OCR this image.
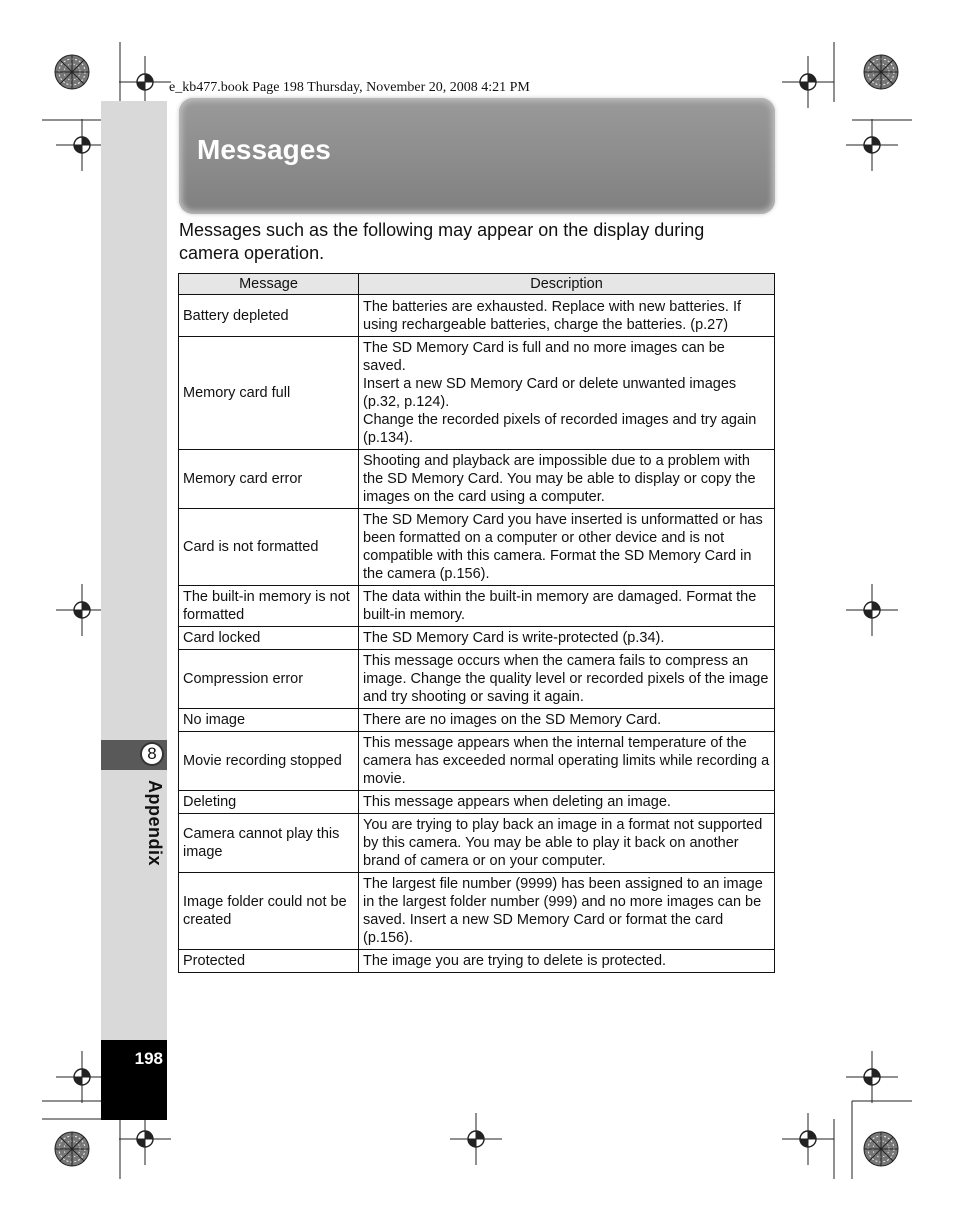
e_kb477.book Page 198 Thursday, November 20, 2008 4:21 PM
8
Appendix
198
Messages
Messages such as the following may appear on the display during camera operation.
Message	Description
Battery depleted	The batteries are exhausted. Replace with new batteries. If using rechargeable batteries, charge the batteries. (p.27)
Memory card full	The SD Memory Card is full and no more images can be saved.
Insert a new SD Memory Card or delete unwanted images (p.32, p.124).
Change the recorded pixels of recorded images and try again (p.134).
Memory card error	Shooting and playback are impossible due to a problem with the SD Memory Card. You may be able to display or copy the images on the card using a computer.
Card is not formatted	The SD Memory Card you have inserted is unformatted or has been formatted on a computer or other device and is not compatible with this camera. Format the SD Memory Card in the camera (p.156).
The built-in memory is not formatted	The data within the built-in memory are damaged. Format the built-in memory.
Card locked	The SD Memory Card is write-protected (p.34).
Compression error	This message occurs when the camera fails to compress an image. Change the quality level or recorded pixels of the image and try shooting or saving it again.
No image	There are no images on the SD Memory Card.
Movie recording stopped	This message appears when the internal temperature of the camera has exceeded normal operating limits while recording a movie.
Deleting	This message appears when deleting an image.
Camera cannot play this image	You are trying to play back an image in a format not supported by this camera. You may be able to play it back on another brand of camera or on your computer.
Image folder could not be created	The largest file number (9999) has been assigned to an image in the largest folder number (999) and no more images can be saved. Insert a new SD Memory Card or format the card (p.156).
Protected	The image you are trying to delete is protected.
